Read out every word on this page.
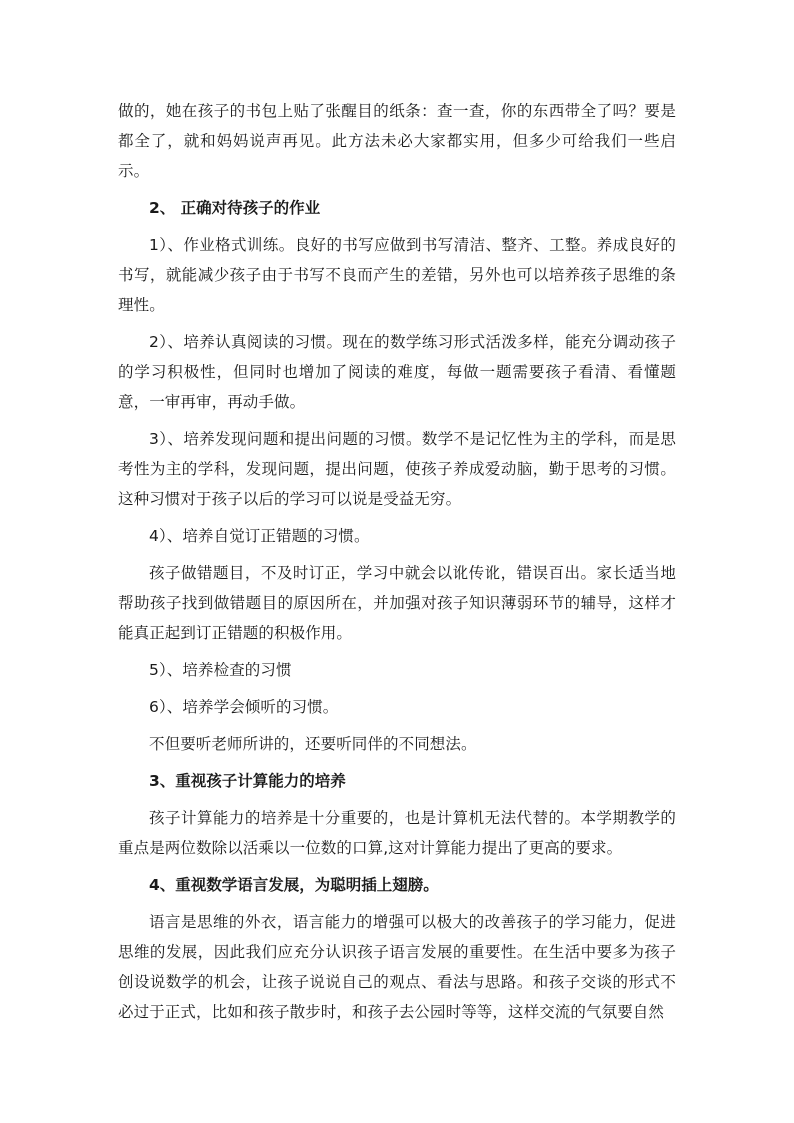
做的，她在孩子的书包上贴了张醒目的纸条：查一查，你的东西带全了吗？要是都全了，就和妈妈说声再见。此方法未必大家都实用，但多少可给我们一些启示。

2、 正确对待孩子的作业

1）、作业格式训练。良好的书写应做到书写清洁、整齐、工整。养成良好的书写，就能减少孩子由于书写不良而产生的差错，另外也可以培养孩子思维的条理性。

2）、培养认真阅读的习惯。现在的数学练习形式活泼多样，能充分调动孩子的学习积极性，但同时也增加了阅读的难度，每做一题需要孩子看清、看懂题意，一审再审，再动手做。

3）、培养发现问题和提出问题的习惯。数学不是记忆性为主的学科，而是思考性为主的学科，发现问题，提出问题，使孩子养成爱动脑，勤于思考的习惯。这种习惯对于孩子以后的学习可以说是受益无穷。

4）、培养自觉订正错题的习惯。

孩子做错题目，不及时订正，学习中就会以讹传讹，错误百出。家长适当地帮助孩子找到做错题目的原因所在，并加强对孩子知识薄弱环节的辅导，这样才能真正起到订正错题的积极作用。

5）、培养检查的习惯

6）、培养学会倾听的习惯。

不但要听老师所讲的，还要听同伴的不同想法。

3、重视孩子计算能力的培养

孩子计算能力的培养是十分重要的，也是计算机无法代替的。本学期教学的重点是两位数除以活乘以一位数的口算,这对计算能力提出了更高的要求。

4、重视数学语言发展，为聪明插上翅膀。

语言是思维的外衣，语言能力的增强可以极大的改善孩子的学习能力，促进思维的发展，因此我们应充分认识孩子语言发展的重要性。在生活中要多为孩子创设说数学的机会，让孩子说说自己的观点、看法与思路。和孩子交谈的形式不必过于正式，比如和孩子散步时，和孩子去公园时等等，这样交流的气氛要自然
